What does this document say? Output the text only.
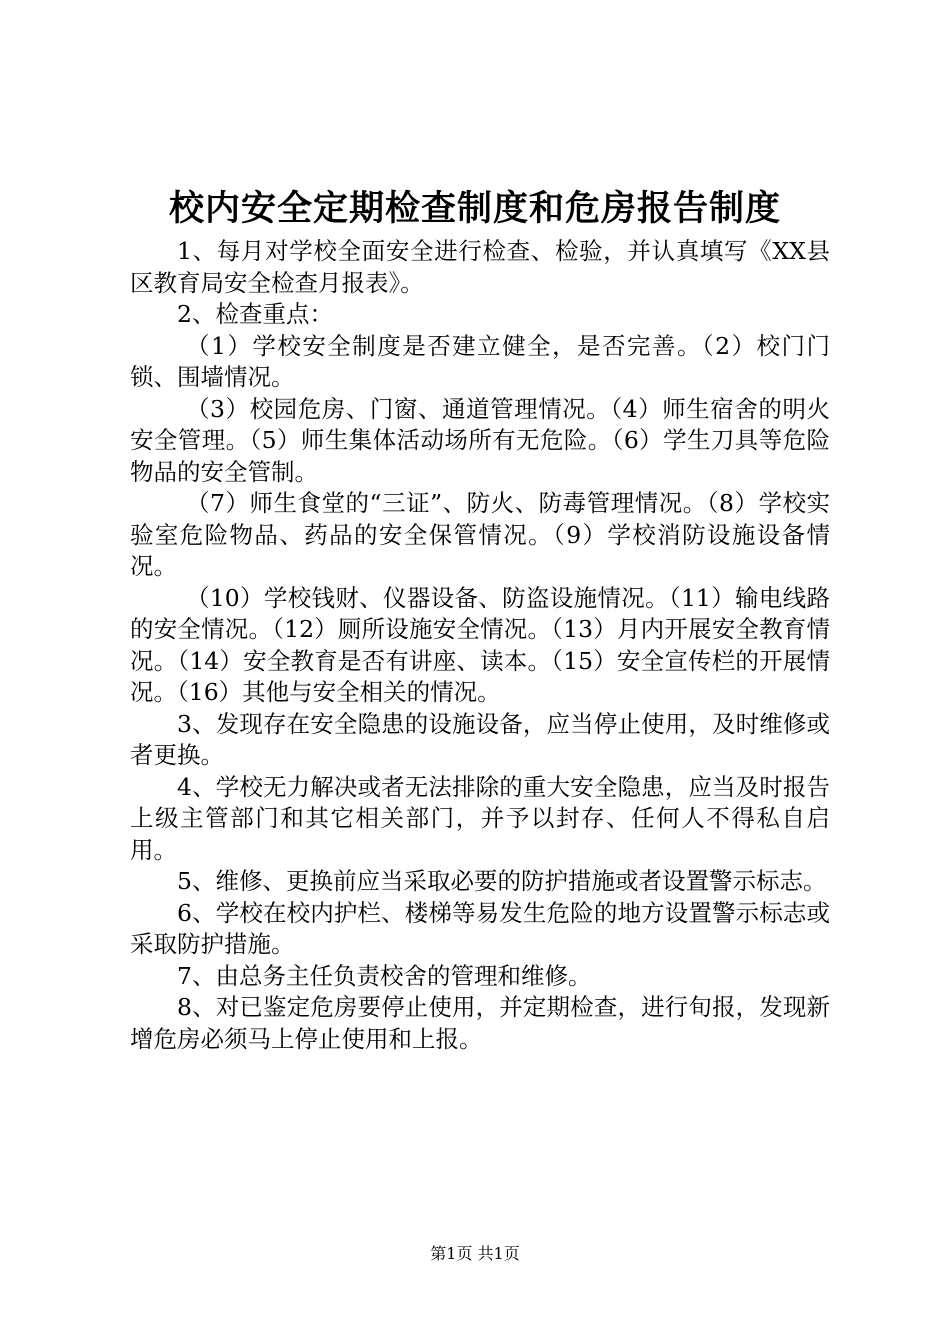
校内安全定期检查制度和危房报告制度

1、每月对学校全面安全进行检查、检验，并认真填写《XX县区教育局安全检查月报表》。

2、检查重点：

（1）学校安全制度是否建立健全，是否完善。（2）校门门锁、围墙情况。

（3）校园危房、门窗、通道管理情况。（4）师生宿舍的明火安全管理。（5）师生集体活动场所有无危险。（6）学生刀具等危险物品的安全管制。

（7）师生食堂的“三证”、防火、防毒管理情况。（8）学校实验室危险物品、药品的安全保管情况。（9）学校消防设施设备情况。

（10）学校钱财、仪器设备、防盗设施情况。（11）输电线路的安全情况。（12）厕所设施安全情况。（13）月内开展安全教育情况。（14）安全教育是否有讲座、读本。（15）安全宣传栏的开展情况。（16）其他与安全相关的情况。

3、发现存在安全隐患的设施设备，应当停止使用，及时维修或者更换。

4、学校无力解决或者无法排除的重大安全隐患，应当及时报告上级主管部门和其它相关部门，并予以封存、任何人不得私自启用。

5、维修、更换前应当采取必要的防护措施或者设置警示标志。

6、学校在校内护栏、楼梯等易发生危险的地方设置警示标志或采取防护措施。

7、由总务主任负责校舍的管理和维修。

8、对已鉴定危房要停止使用，并定期检查，进行旬报，发现新增危房必须马上停止使用和上报。

第1页 共1页
